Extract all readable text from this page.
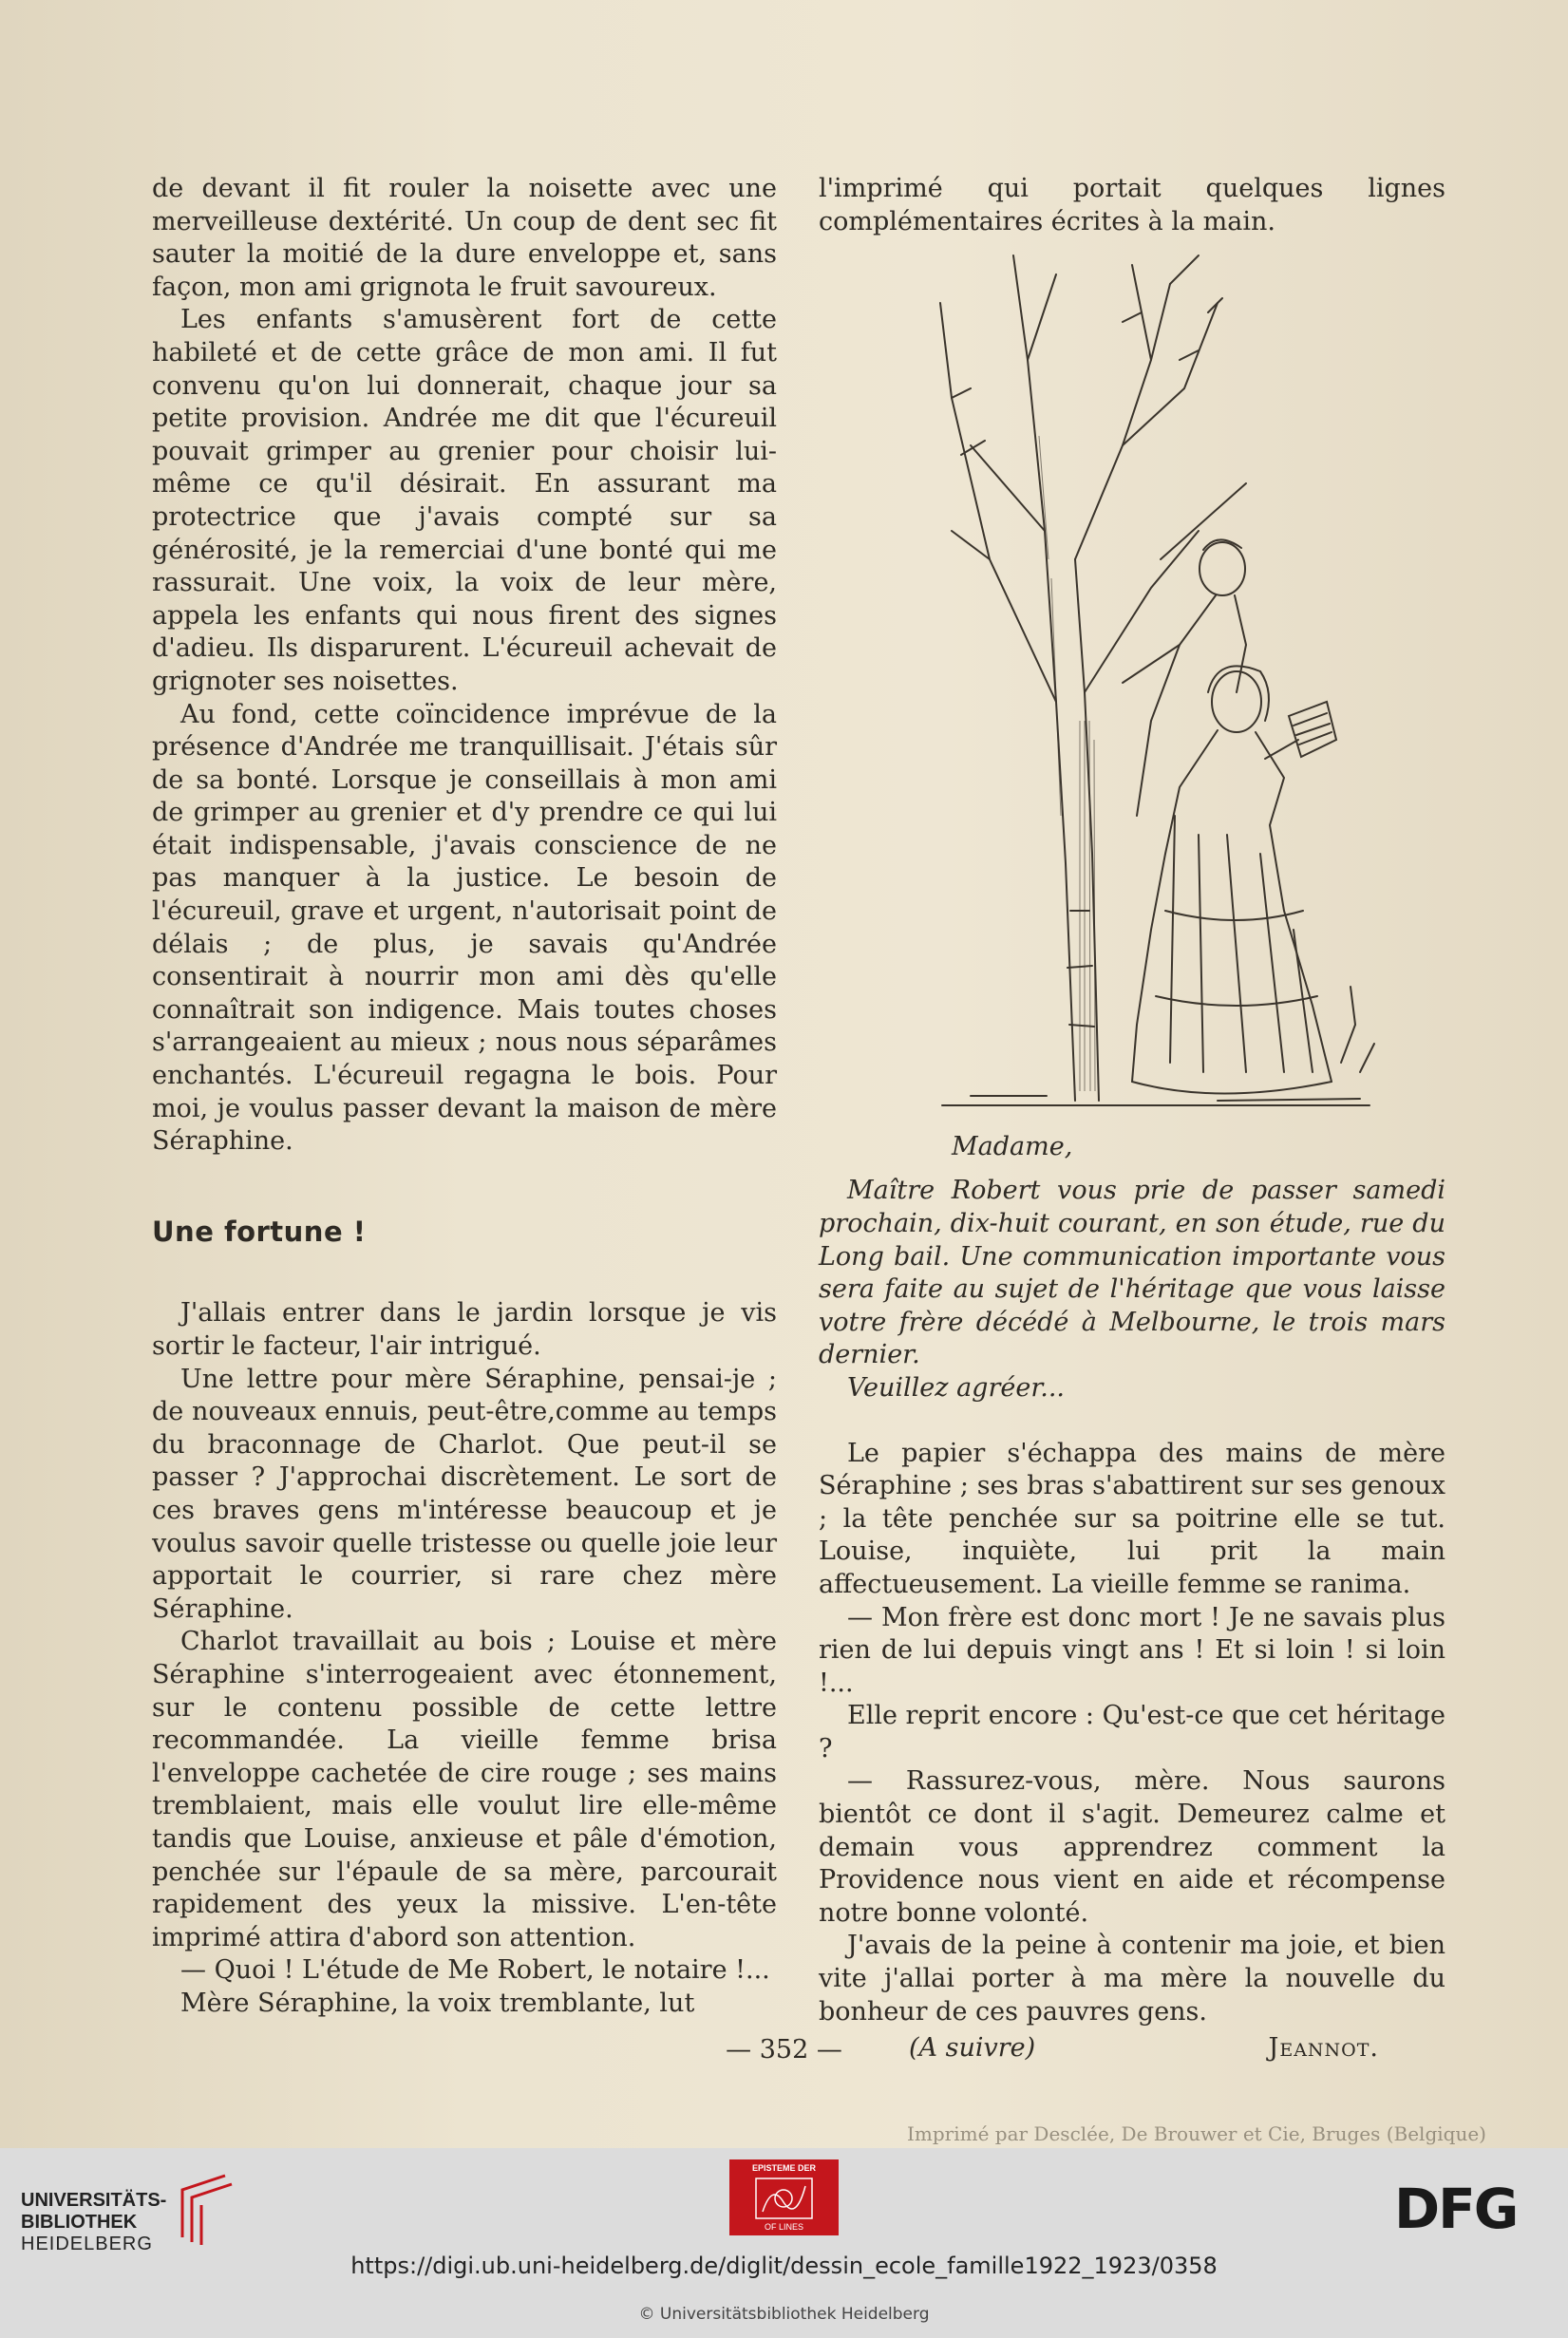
de devant il fit rouler la noisette avec une merveilleuse dextérité. Un coup de dent sec fit sauter la moitié de la dure enveloppe et, sans façon, mon ami grignota le fruit savoureux.

Les enfants s'amusèrent fort de cette habileté et de cette grâce de mon ami. Il fut convenu qu'on lui donnerait, chaque jour sa petite provision. Andrée me dit que l'écureuil pouvait grimper au grenier pour choisir lui-même ce qu'il désirait. En assurant ma protectrice que j'avais compté sur sa générosité, je la remerciai d'une bonté qui me rassurait. Une voix, la voix de leur mère, appela les enfants qui nous firent des signes d'adieu. Ils disparurent. L'écureuil achevait de grignoter ses noisettes.

Au fond, cette coïncidence imprévue de la présence d'Andrée me tranquillisait. J'étais sûr de sa bonté. Lorsque je conseillais à mon ami de grimper au grenier et d'y prendre ce qui lui était indispensable, j'avais conscience de ne pas manquer à la justice. Le besoin de l'écureuil, grave et urgent, n'autorisait point de délais ; de plus, je savais qu'Andrée consentirait à nourrir mon ami dès qu'elle connaîtrait son indigence. Mais toutes choses s'arrangeaient au mieux ; nous nous séparâmes enchantés. L'écureuil regagna le bois. Pour moi, je voulus passer devant la maison de mère Séraphine.

Une fortune !

J'allais entrer dans le jardin lorsque je vis sortir le facteur, l'air intrigué.

Une lettre pour mère Séraphine, pensai-je ; de nouveaux ennuis, peut-être,comme au temps du braconnage de Charlot. Que peut-il se passer ? J'approchai discrètement. Le sort de ces braves gens m'intéresse beaucoup et je voulus savoir quelle tristesse ou quelle joie leur apportait le courrier, si rare chez mère Séraphine.

Charlot travaillait au bois ; Louise et mère Séraphine s'interrogeaient avec étonnement, sur le contenu possible de cette lettre recommandée. La vieille femme brisa l'enveloppe cachetée de cire rouge ; ses mains tremblaient, mais elle voulut lire elle-même tandis que Louise, anxieuse et pâle d'émotion, penchée sur l'épaule de sa mère, parcourait rapidement des yeux la missive. L'en-tête imprimé attira d'abord son attention.

— Quoi ! L'étude de Me Robert, le notaire !...

Mère Séraphine, la voix tremblante, lut

l'imprimé qui portait quelques lignes complémentaires écrites à la main.

Madame,

Maître Robert vous prie de passer samedi prochain, dix-huit courant, en son étude, rue du Long bail. Une communication importante vous sera faite au sujet de l'héritage que vous laisse votre frère décédé à Melbourne, le trois mars dernier.

Veuillez agréer...

Le papier s'échappa des mains de mère Séraphine ; ses bras s'abattirent sur ses genoux ; la tête penchée sur sa poitrine elle se tut. Louise, inquiète, lui prit la main affectueusement. La vieille femme se ranima.

— Mon frère est donc mort ! Je ne savais plus rien de lui depuis vingt ans ! Et si loin ! si loin !...

Elle reprit encore : Qu'est-ce que cet héritage ?

— Rassurez-vous, mère. Nous saurons bientôt ce dont il s'agit. Demeurez calme et demain vous apprendrez comment la Providence nous vient en aide et récompense notre bonne volonté.

J'avais de la peine à contenir ma joie, et bien vite j'allai porter à ma mère la nouvelle du bonheur de ces pauvres gens.

(A suivre)	Jeannot.

— 352 —
Imprimé par Desclée, De Brouwer et Cie, Bruges (Belgique)
UNIVERSITÄTS-
BIBLIOTHEK
HEIDELBERG
EPISTEME DER
OF LINES	DFG
https://digi.ub.uni-heidelberg.de/diglit/dessin_ecole_famille1922_1923/0358
© Universitätsbibliothek Heidelberg
